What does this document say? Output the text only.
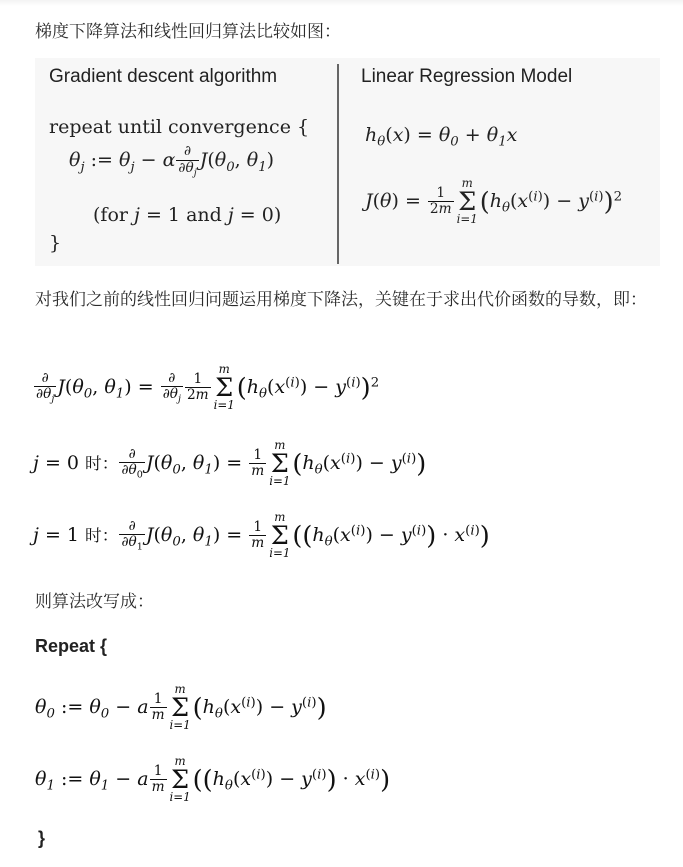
梯度下降算法和线性回归算法比较如图：
Gradient descent algorithm	Linear Regression Model
repeat until convergence {
$\theta_j$ := $\theta_j - \alpha \frac{\partial}{\partial\theta_j} J(\theta_0$, $\theta_1$)
(for j = 1 and j = 0)
}
$h_\theta(x) = \theta_0 + \theta_1x$
$J(\theta) = \frac{1}{2m}$
m
Σ
i=1
$(h_\theta(x^{(i)}) - y^{(i)})^2$
对我们之前的线性回归问题运用梯度下降法，关键在于求出代价函数的导数，即：
$\frac{\partial}{\partial\theta_j} J(\theta_0$, $\theta_1) = \frac{\partial}{\partial\theta_j} \frac{1}{2m}$
m
Σ
i=1
$(h_\theta(x^{(i)}) - y^{(i)})^2$
j = 0 时： $\frac{\partial}{\partial\theta_0} J(\theta_0$, $\theta_1) = \frac{1}{m}$
m
Σ
i=1
$(h_\theta(x^{(i)}) - y^{(i)})$
j = 1 时： $\frac{\partial}{\partial\theta_1} J(\theta_0$, $\theta_1) = \frac{1}{m}$
m
Σ
i=1
$((h_\theta(x^{(i)}) - y^{(i)}) \cdot x^{(i)})$
则算法改写成：
Repeat {
$\theta_0$ := $\theta_0 - a \frac{1}{m}$
m
Σ
i=1
$(h_\theta(x^{(i)}) - y^{(i)})$
$\theta_1$ := $\theta_1 - a \frac{1}{m}$
m
Σ
i=1
$((h_\theta(x^{(i)}) - y^{(i)}) \cdot x^{(i)})$
}
